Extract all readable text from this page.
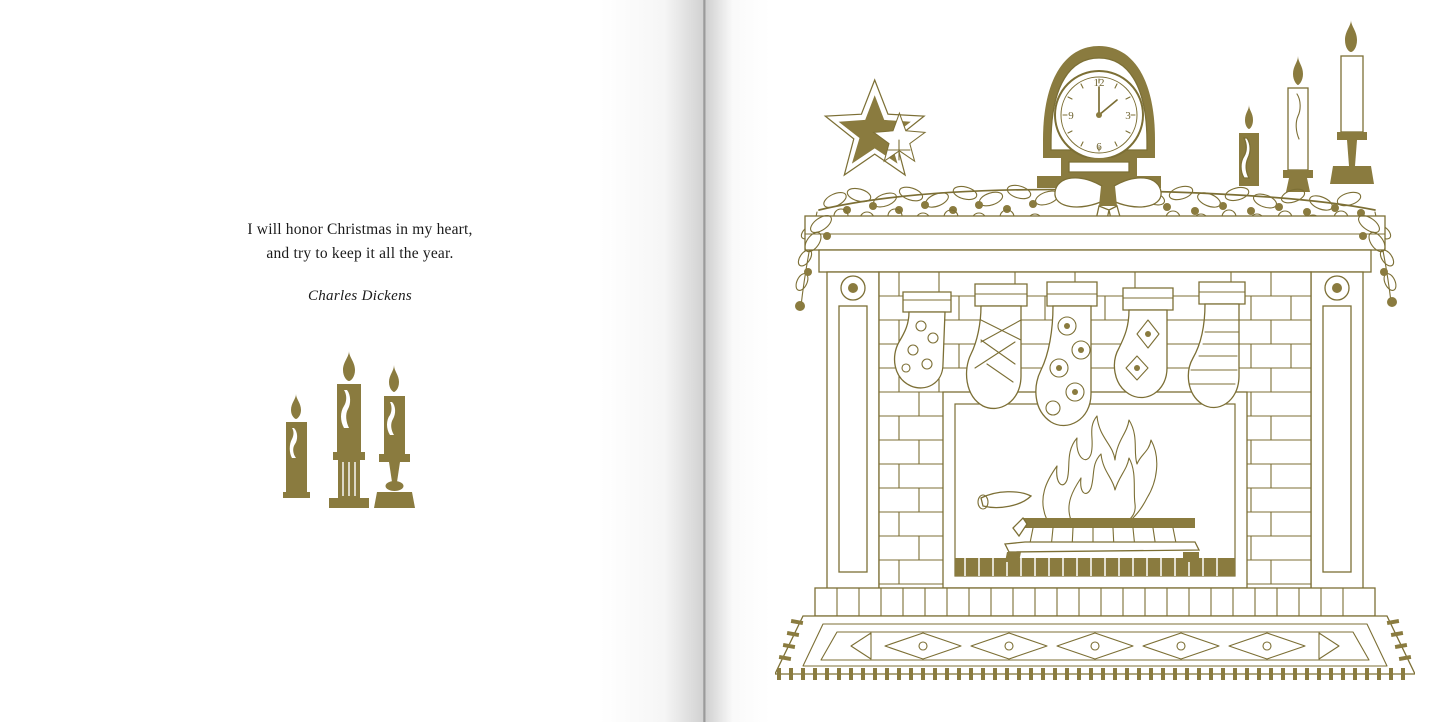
I will honor Christmas in my heart,
and try to keep it all the year.
Charles Dickens
12
3
6
9
